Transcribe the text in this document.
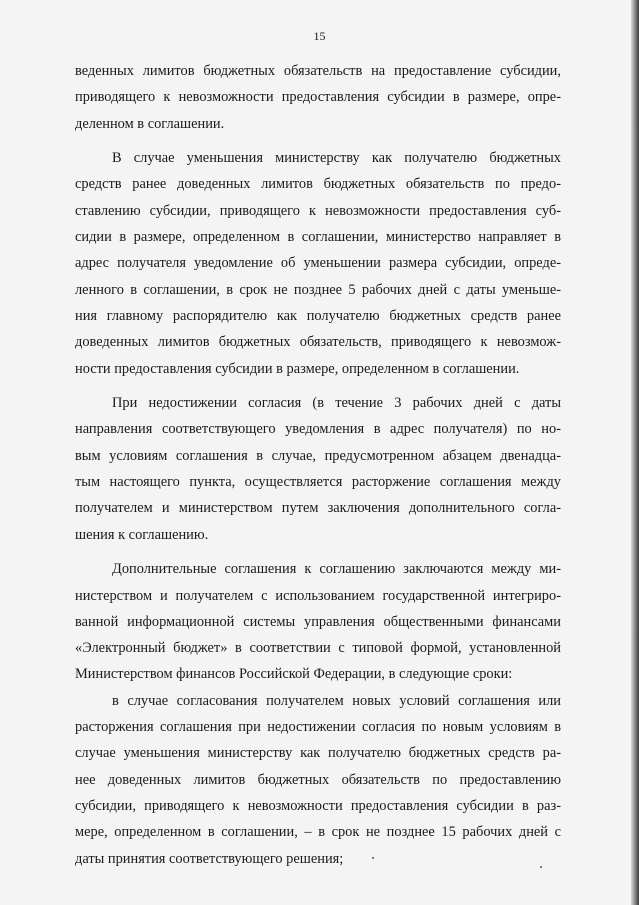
15
веденных лимитов бюджетных обязательств на предоставление субсидии,
приводящего к невозможности предоставления субсидии в размере, опре-
деленном в соглашении.
В случае уменьшения министерству как получателю бюджетных
средств ранее доведенных лимитов бюджетных обязательств по предо-
ставлению субсидии, приводящего к невозможности предоставления суб-
сидии в размере, определенном в соглашении, министерство направляет в
адрес получателя уведомление об уменьшении размера субсидии, опреде-
ленного в соглашении, в срок не позднее 5 рабочих дней с даты уменьше-
ния главному распорядителю как получателю бюджетных средств ранее
доведенных лимитов бюджетных обязательств, приводящего к невозмож-
ности предоставления субсидии в размере, определенном в соглашении.
При недостижении согласия (в течение 3 рабочих дней с даты
направления соответствующего уведомления в адрес получателя) по но-
вым условиям соглашения в случае, предусмотренном абзацем двенадца-
тым настоящего пункта, осуществляется расторжение соглашения между
получателем и министерством путем заключения дополнительного согла-
шения к соглашению.
Дополнительные соглашения к соглашению заключаются между ми-
нистерством и получателем с использованием государственной интегриро-
ванной информационной системы управления общественными финансами
«Электронный бюджет» в соответствии с типовой формой, установленной
Министерством финансов Российской Федерации, в следующие сроки:
в случае согласования получателем новых условий соглашения или
расторжения соглашения при недостижении согласия по новым условиям в
случае уменьшения министерству как получателю бюджетных средств ра-
нее доведенных лимитов бюджетных обязательств по предоставлению
субсидии, приводящего к невозможности предоставления субсидии в раз-
мере, определенном в соглашении, – в срок не позднее 15 рабочих дней с
даты принятия соответствующего решения;
